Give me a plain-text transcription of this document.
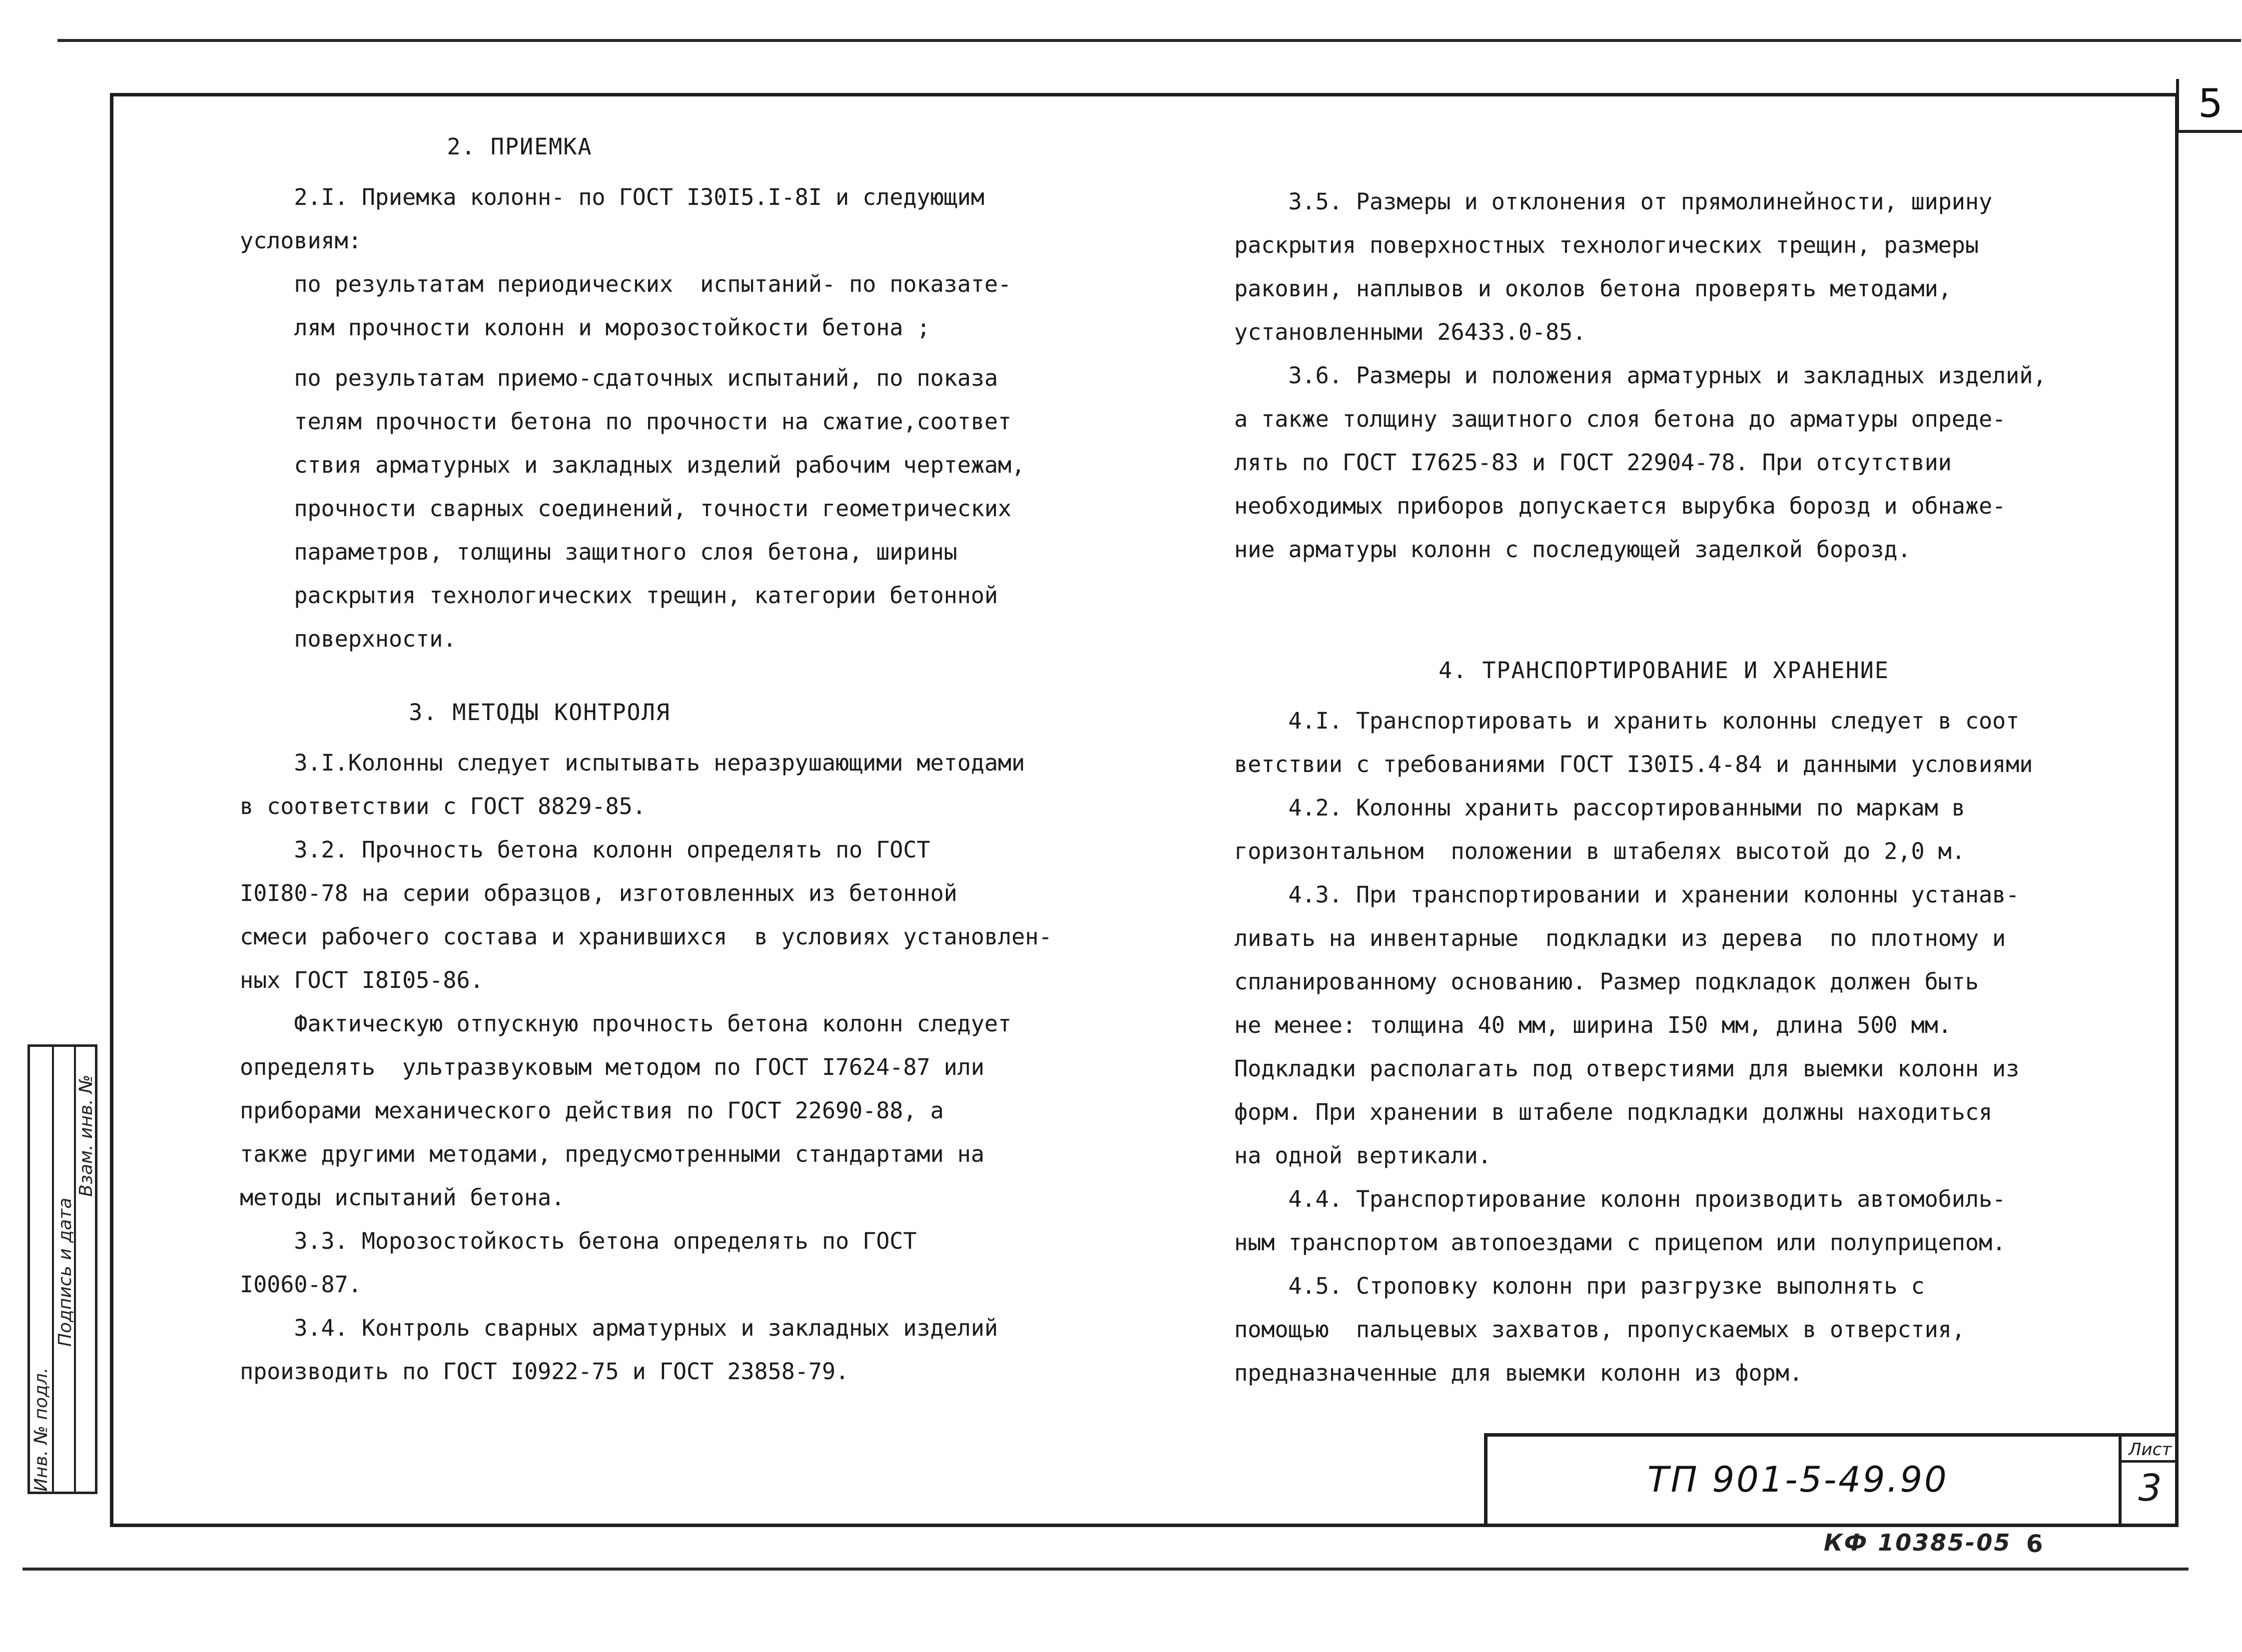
5
Инв. № подл.
Подпись и дата
Взам. инв. №

2. ПРИЕМКА

2.I. Приемка колонн- по ГОСТ I30I5.I-8I и следующим

условиям:

по результатам периодических  испытаний- по показате-

лям прочности колонн и морозостойкости бетона ;

по результатам приемо-сдаточных испытаний, по показа

телям прочности бетона по прочности на сжатие,соответ

ствия арматурных и закладных изделий рабочим чертежам,

прочности сварных соединений, точности геометрических

параметров, толщины защитного слоя бетона, ширины

раскрытия технологических трещин, категории бетонной

поверхности.

3. МЕТОДЫ КОНТРОЛЯ

3.I.Колонны следует испытывать неразрушающими методами

в соответствии с ГОСТ 8829-85.

3.2. Прочность бетона колонн определять по ГОСТ

I0I80-78 на серии образцов, изготовленных из бетонной

смеси рабочего состава и хранившихся  в условиях установлен-

ных ГОСТ I8I05-86.

Фактическую отпускную прочность бетона колонн следует

определять  ультразвуковым методом по ГОСТ I7624-87 или

приборами механического действия по ГОСТ 22690-88, а

также другими методами, предусмотренными стандартами на

методы испытаний бетона.

3.3. Морозостойкость бетона определять по ГОСТ

I0060-87.

3.4. Контроль сварных арматурных и закладных изделий

производить по ГОСТ I0922-75 и ГОСТ 23858-79.

3.5. Размеры и отклонения от прямолинейности, ширину

раскрытия поверхностных технологических трещин, размеры

раковин, наплывов и околов бетона проверять методами,

установленными 26433.0-85.

3.6. Размеры и положения арматурных и закладных изделий,

а также толщину защитного слоя бетона до арматуры опреде-

лять по ГОСТ I7625-83 и ГОСТ 22904-78. При отсутствии

необходимых приборов допускается вырубка борозд и обнаже-

ние арматуры колонн с последующей заделкой борозд.

4. ТРАНСПОРТИРОВАНИЕ И ХРАНЕНИЕ

4.I. Транспортировать и хранить колонны следует в соот

ветствии с требованиями ГОСТ I30I5.4-84 и данными условиями

4.2. Колонны хранить рассортированными по маркам в

горизонтальном  положении в штабелях высотой до 2,0 м.

4.3. При транспортировании и хранении колонны устанав-

ливать на инвентарные  подкладки из дерева  по плотному и

спланированному основанию. Размер подкладок должен быть

не менее: толщина 40 мм, ширина I50 мм, длина 500 мм.

Подкладки располагать под отверстиями для выемки колонн из

форм. При хранении в штабеле подкладки должны находиться

на одной вертикали.

4.4. Транспортирование колонн производить автомобиль-

ным транспортом автопоездами с прицепом или полуприцепом.

4.5. Строповку колонн при разгрузке выполнять с

помощью  пальцевых захватов, пропускаемых в отверстия,

предназначенные для выемки колонн из форм.

ТП 901-5-49.90
Лист
3
КФ 10385-05 6
